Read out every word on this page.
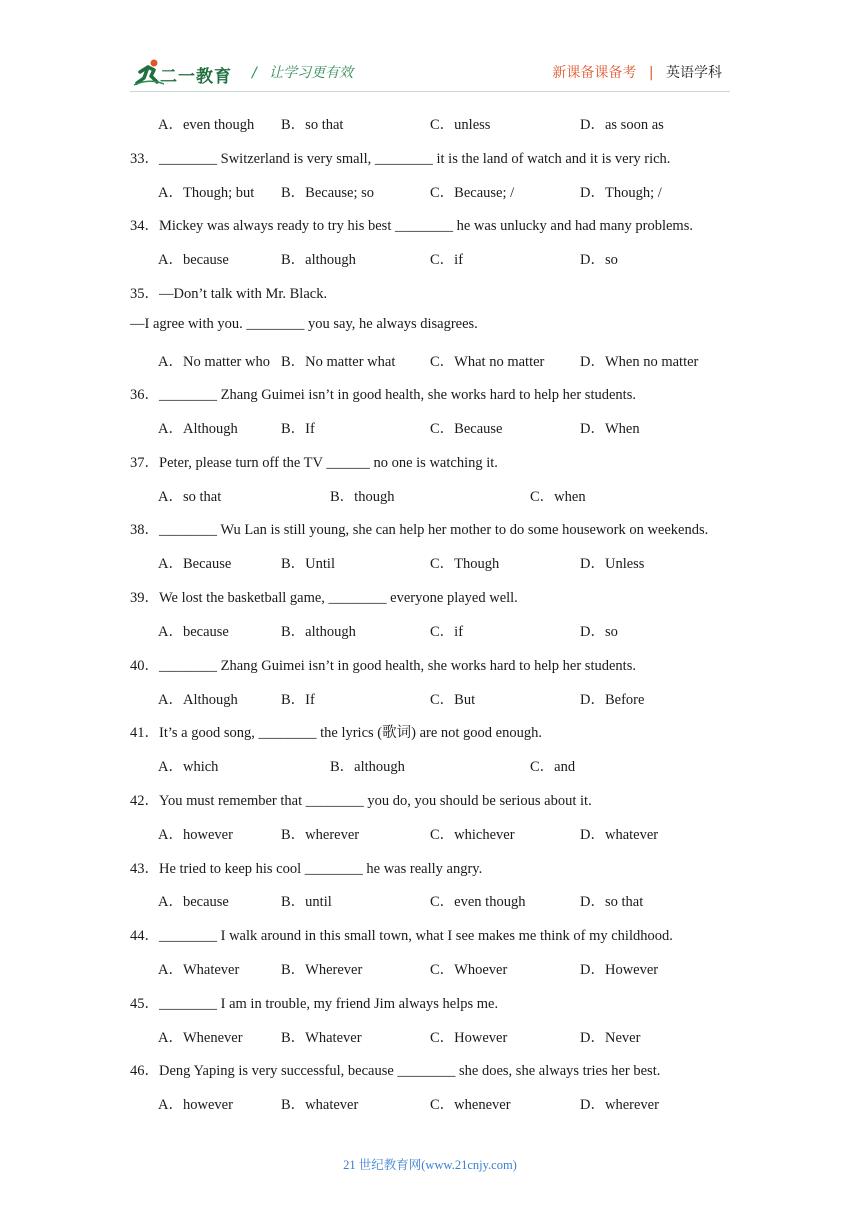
二一教育 / 让学习更有效	新课备课备考 | 英语学科
A．even though B．so that	C．unless	D．as soon as
33．________ Switzerland is very small, ________ it is the land of watch and it is very rich.
A．Though; but B．Because; so	C．Because; /	D．Though; /
34．Mickey was always ready to try his best ________ he was unlucky and had many problems.
A．because	B．although	C．if	D．so
35．—Don’t talk with Mr. Black.
—I agree with you. ________ you say, he always disagrees.
A．No matter who B．No matter what C．What no matter D．When no matter
36．________ Zhang Guimei isn’t in good health, she works hard to help her students.
A．Although	B．If	C．Because	D．When
37．Peter, please turn off the TV ______ no one is watching it.
A．so that	B．though	C．when
38．________ Wu Lan is still young, she can help her mother to do some housework on weekends.
A．Because	B．Until	C．Though	D．Unless
39．We lost the basketball game, ________ everyone played well.
A．because	B．although	C．if	D．so
40．________ Zhang Guimei isn’t in good health, she works hard to help her students.
A．Although	B．If	C．But	D．Before
41．It’s a good song, ________ the lyrics (歌词) are not good enough.
A．which	B．although	C．and
42．You must remember that ________ you do, you should be serious about it.
A．however	B．wherever	C．whichever	D．whatever
43．He tried to keep his cool ________ he was really angry.
A．because	B．until	C．even though	D．so that
44．________ I walk around in this small town, what I see makes me think of my childhood.
A．Whatever	B．Wherever	C．Whoever	D．However
45．________ I am in trouble, my friend Jim always helps me.
A．Whenever	B．Whatever	C．However	D．Never
46．Deng Yaping is very successful, because ________ she does, she always tries her best.
A．however	B．whatever	C．whenever	D．wherever
21 世纪教育网(www.21cnjy.com)
